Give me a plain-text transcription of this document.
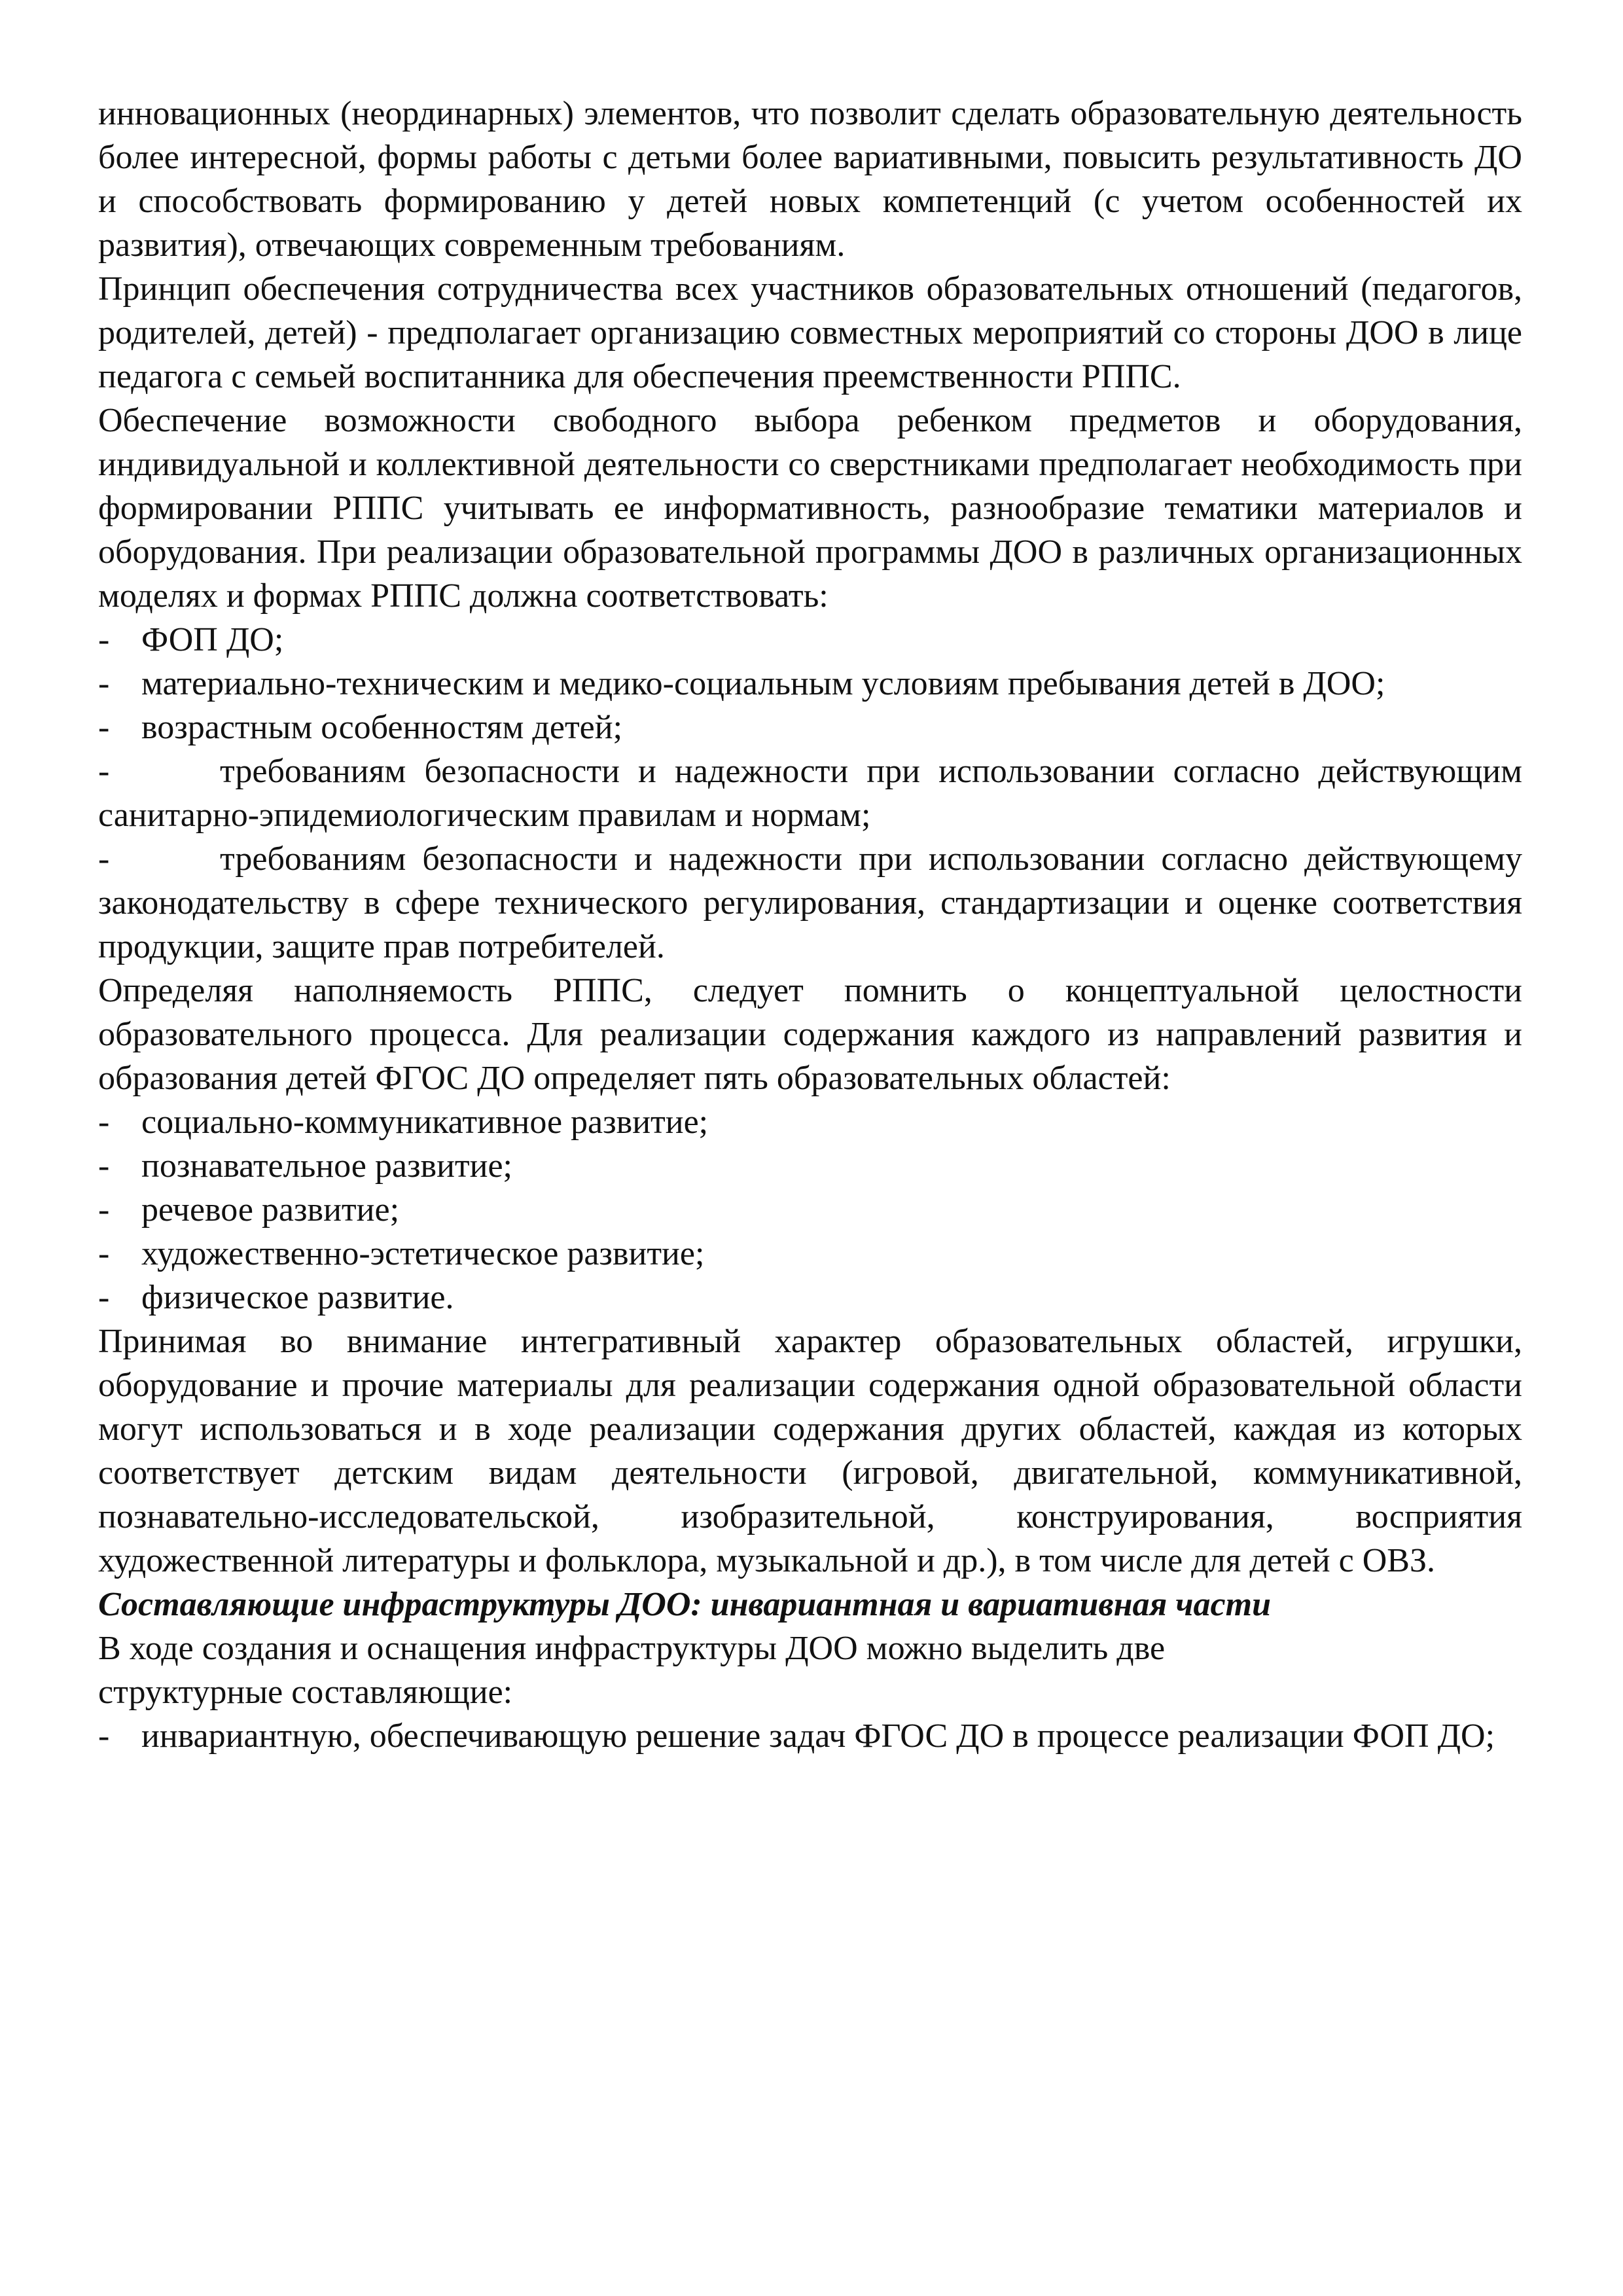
инновационных (неординарных) элементов, что позволит сделать образовательную деятельность более интересной, формы работы с детьми более вариативными, повысить результативность ДО и способствовать формированию у детей новых компетенций (с учетом особенностей их развития), отвечающих современным требованиям.

Принцип обеспечения сотрудничества всех участников образовательных отношений (педагогов, родителей, детей) - предполагает организацию совместных мероприятий со стороны ДОО в лице педагога с семьей воспитанника для обеспечения преемственности РППС.

Обеспечение возможности свободного выбора ребенком предметов и оборудования, индивидуальной и коллективной деятельности со сверстниками предполагает необходимость при формировании РППС учитывать ее информативность, разнообразие тематики материалов и оборудования. При реализации образовательной программы ДОО в различных организационных моделях и формах РППС должна соответствовать:

- ФОП ДО;

- материально-техническим и медико-социальным условиям пребывания детей в ДОО;

- возрастным особенностям детей;

-	требованиям безопасности и надежности при использовании согласно действующим санитарно-эпидемиологическим правилам и нормам;

-	требованиям безопасности и надежности при использовании согласно действующему законодательству в сфере технического регулирования, стандартизации и оценке соответствия продукции, защите прав потребителей.

Определяя наполняемость РППС, следует помнить о концептуальной целостности образовательного процесса. Для реализации содержания каждого из направлений развития и образования детей ФГОС ДО определяет пять образовательных областей:

- социально-коммуникативное развитие;

- познавательное развитие;

- речевое развитие;

- художественно-эстетическое развитие;

- физическое развитие.

Принимая во внимание интегративный характер образовательных областей, игрушки, оборудование и прочие материалы для реализации содержания одной образовательной области могут использоваться и в ходе реализации содержания других областей, каждая из которых соответствует детским видам деятельности (игровой, двигательной, коммуникативной, познавательно-исследовательской, изобразительной, конструирования, восприятия художественной литературы и фольклора, музыкальной и др.), в том числе для детей с ОВЗ.

Составляющие инфраструктуры ДОО: инвариантная и вариативная части

В ходе создания и оснащения инфраструктуры ДОО можно выделить две

структурные составляющие:

- инвариантную, обеспечивающую решение задач ФГОС ДО в процессе реализации ФОП ДО;
